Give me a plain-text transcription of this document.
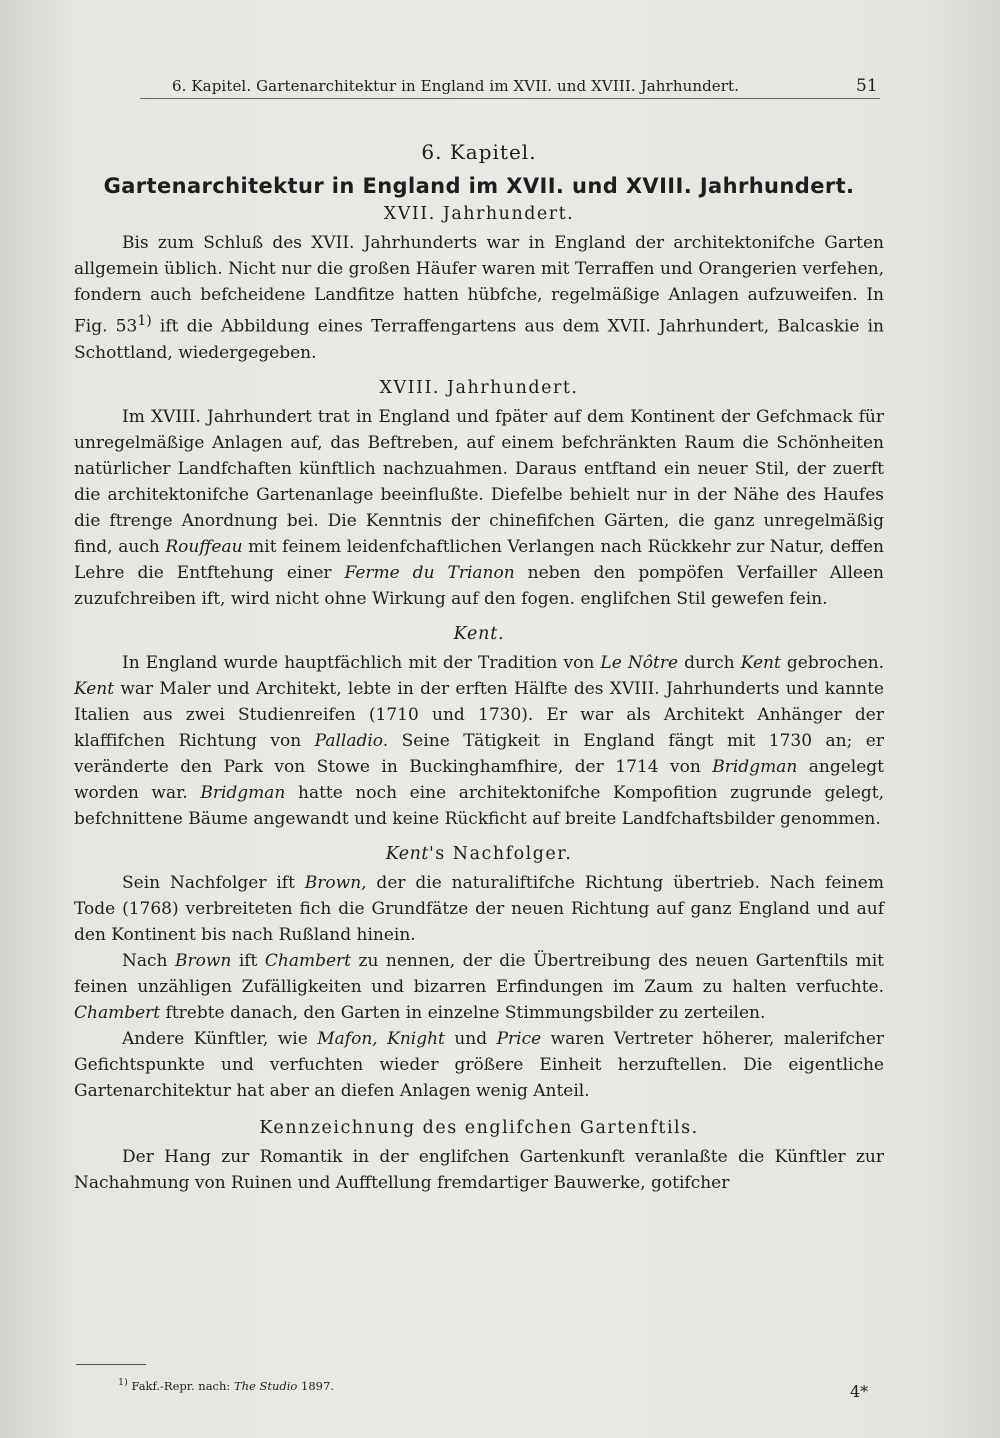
6. Kapitel. Gartenarchitektur in England im XVII. und XVIII. Jahrhundert.	51
6. Kapitel.
Gartenarchitektur in England im XVII. und XVIII. Jahrhundert.
XVII. Jahrhundert.

Bis zum Schluß des XVII. Jahrhunderts war in England der architektonifche Garten allgemein üblich. Nicht nur die großen Häufer waren mit Terraffen und Orangerien verfehen, fondern auch befcheidene Landfitze hatten hübfche, regelmäßige Anlagen aufzuweifen. In Fig. 53$^{1)}$ ift die Abbildung eines Terraffengartens aus dem XVII. Jahrhundert, Balcaskie in Schottland, wiedergegeben.

XVIII. Jahrhundert.

Im XVIII. Jahrhundert trat in England und fpäter auf dem Kontinent der Gefchmack für unregelmäßige Anlagen auf, das Beftreben, auf einem befchränkten Raum die Schönheiten natürlicher Landfchaften künftlich nachzuahmen. Daraus entftand ein neuer Stil, der zuerft die architektonifche Gartenanlage beeinflußte. Diefelbe behielt nur in der Nähe des Haufes die ftrenge Anordnung bei. Die Kenntnis der chinefifchen Gärten, die ganz unregelmäßig find, auch Rouffeau mit feinem leidenfchaftlichen Verlangen nach Rückkehr zur Natur, deffen Lehre die Entftehung einer Ferme du Trianon neben den pompöfen Verfailler Alleen zuzufchreiben ift, wird nicht ohne Wirkung auf den fogen. englifchen Stil gewefen fein.

Kent.

In England wurde hauptfächlich mit der Tradition von Le Nôtre durch Kent gebrochen. Kent war Maler und Architekt, lebte in der erften Hälfte des XVIII. Jahrhunderts und kannte Italien aus zwei Studienreifen (1710 und 1730). Er war als Architekt Anhänger der klaffifchen Richtung von Palladio. Seine Tätigkeit in England fängt mit 1730 an; er veränderte den Park von Stowe in Buckinghamfhire, der 1714 von Bridgman angelegt worden war. Bridgman hatte noch eine architektonifche Kompofition zugrunde gelegt, befchnittene Bäume angewandt und keine Rückficht auf breite Landfchaftsbilder genommen.

Kent's Nachfolger.

Sein Nachfolger ift Brown, der die naturaliftifche Richtung übertrieb. Nach feinem Tode (1768) verbreiteten fich die Grundfätze der neuen Richtung auf ganz England und auf den Kontinent bis nach Rußland hinein.

Nach Brown ift Chambert zu nennen, der die Übertreibung des neuen Gartenftils mit feinen unzähligen Zufälligkeiten und bizarren Erfindungen im Zaum zu halten verfuchte. Chambert ftrebte danach, den Garten in einzelne Stimmungsbilder zu zerteilen.

Andere Künftler, wie Mafon, Knight und Price waren Vertreter höherer, malerifcher Gefichtspunkte und verfuchten wieder größere Einheit herzuftellen. Die eigentliche Gartenarchitektur hat aber an diefen Anlagen wenig Anteil.

Kennzeichnung des englifchen Gartenftils.

Der Hang zur Romantik in der englifchen Gartenkunft veranlaßte die Künftler zur Nachahmung von Ruinen und Aufftellung fremdartiger Bauwerke, gotifcher

$^{1)}$ Fakf.-Repr. nach: The Studio 1897.	4*
